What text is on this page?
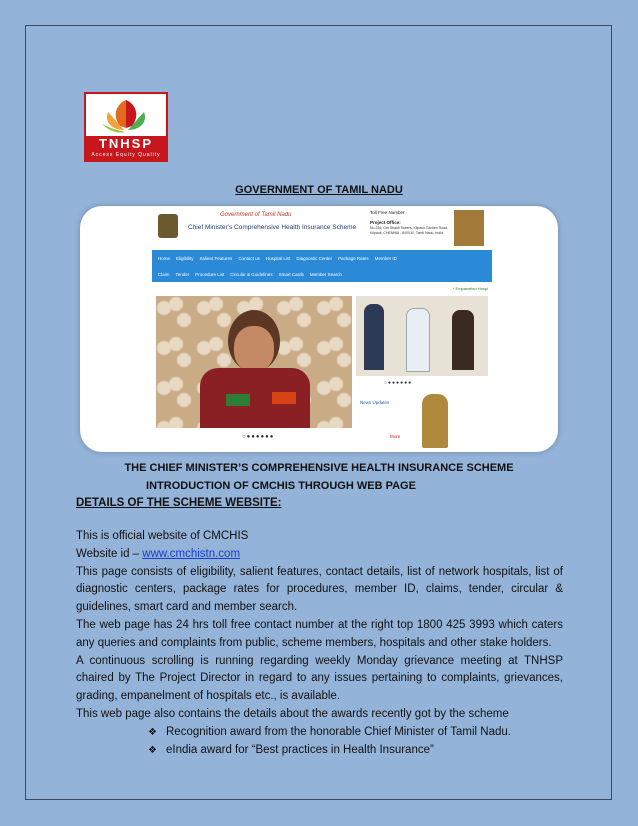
TNHSP
Access Equity Quality
GOVERNMENT OF TAMIL NADU
Government of Tamil Nadu
Chief Minister's Comprehensive Health Insurance Scheme
Toll Free Number
Project Office:
No 226, Om Shakti Towers, Kilpauk Garden Road, Kilpauk, CHENNAI - 600010, Tamil Nadu, India
Home Eligibility Salient Features Contact us Hospital List Diagnostic Center Package Rates Member ID
Claim Tender Procedure List Circular & Guidelines Smart Cards Member Search
* Empanelled Hospi
○●●●●●●
○●●●●●●
News Updates
More
THE CHIEF MINISTER’S COMPREHENSIVE HEALTH INSURANCE SCHEME
INTRODUCTION OF CMCHIS THROUGH WEB PAGE
DETAILS OF THE SCHEME WEBSITE:

This is official website of CMCHIS

Website id – www.cmchistn.com

This page consists of eligibility, salient features, contact details, list of network hospitals, list of diagnostic centers, package rates for procedures, member ID, claims, tender, circular & guidelines, smart card and member search.

The web page has 24 hrs toll free contact number at the right top 1800 425 3993 which caters any queries and complaints from public, scheme members, hospitals and other stake holders.

A continuous scrolling is running regarding weekly Monday grievance meeting at TNHSP chaired by The Project Director in regard to any issues pertaining to complaints, grievances, grading, empanelment of hospitals etc., is available.

This web page also contains the details about the awards recently got by the scheme

❖ Recognition award from the honorable Chief Minister of Tamil Nadu.
❖ eIndia award for “Best practices in Health Insurance”
